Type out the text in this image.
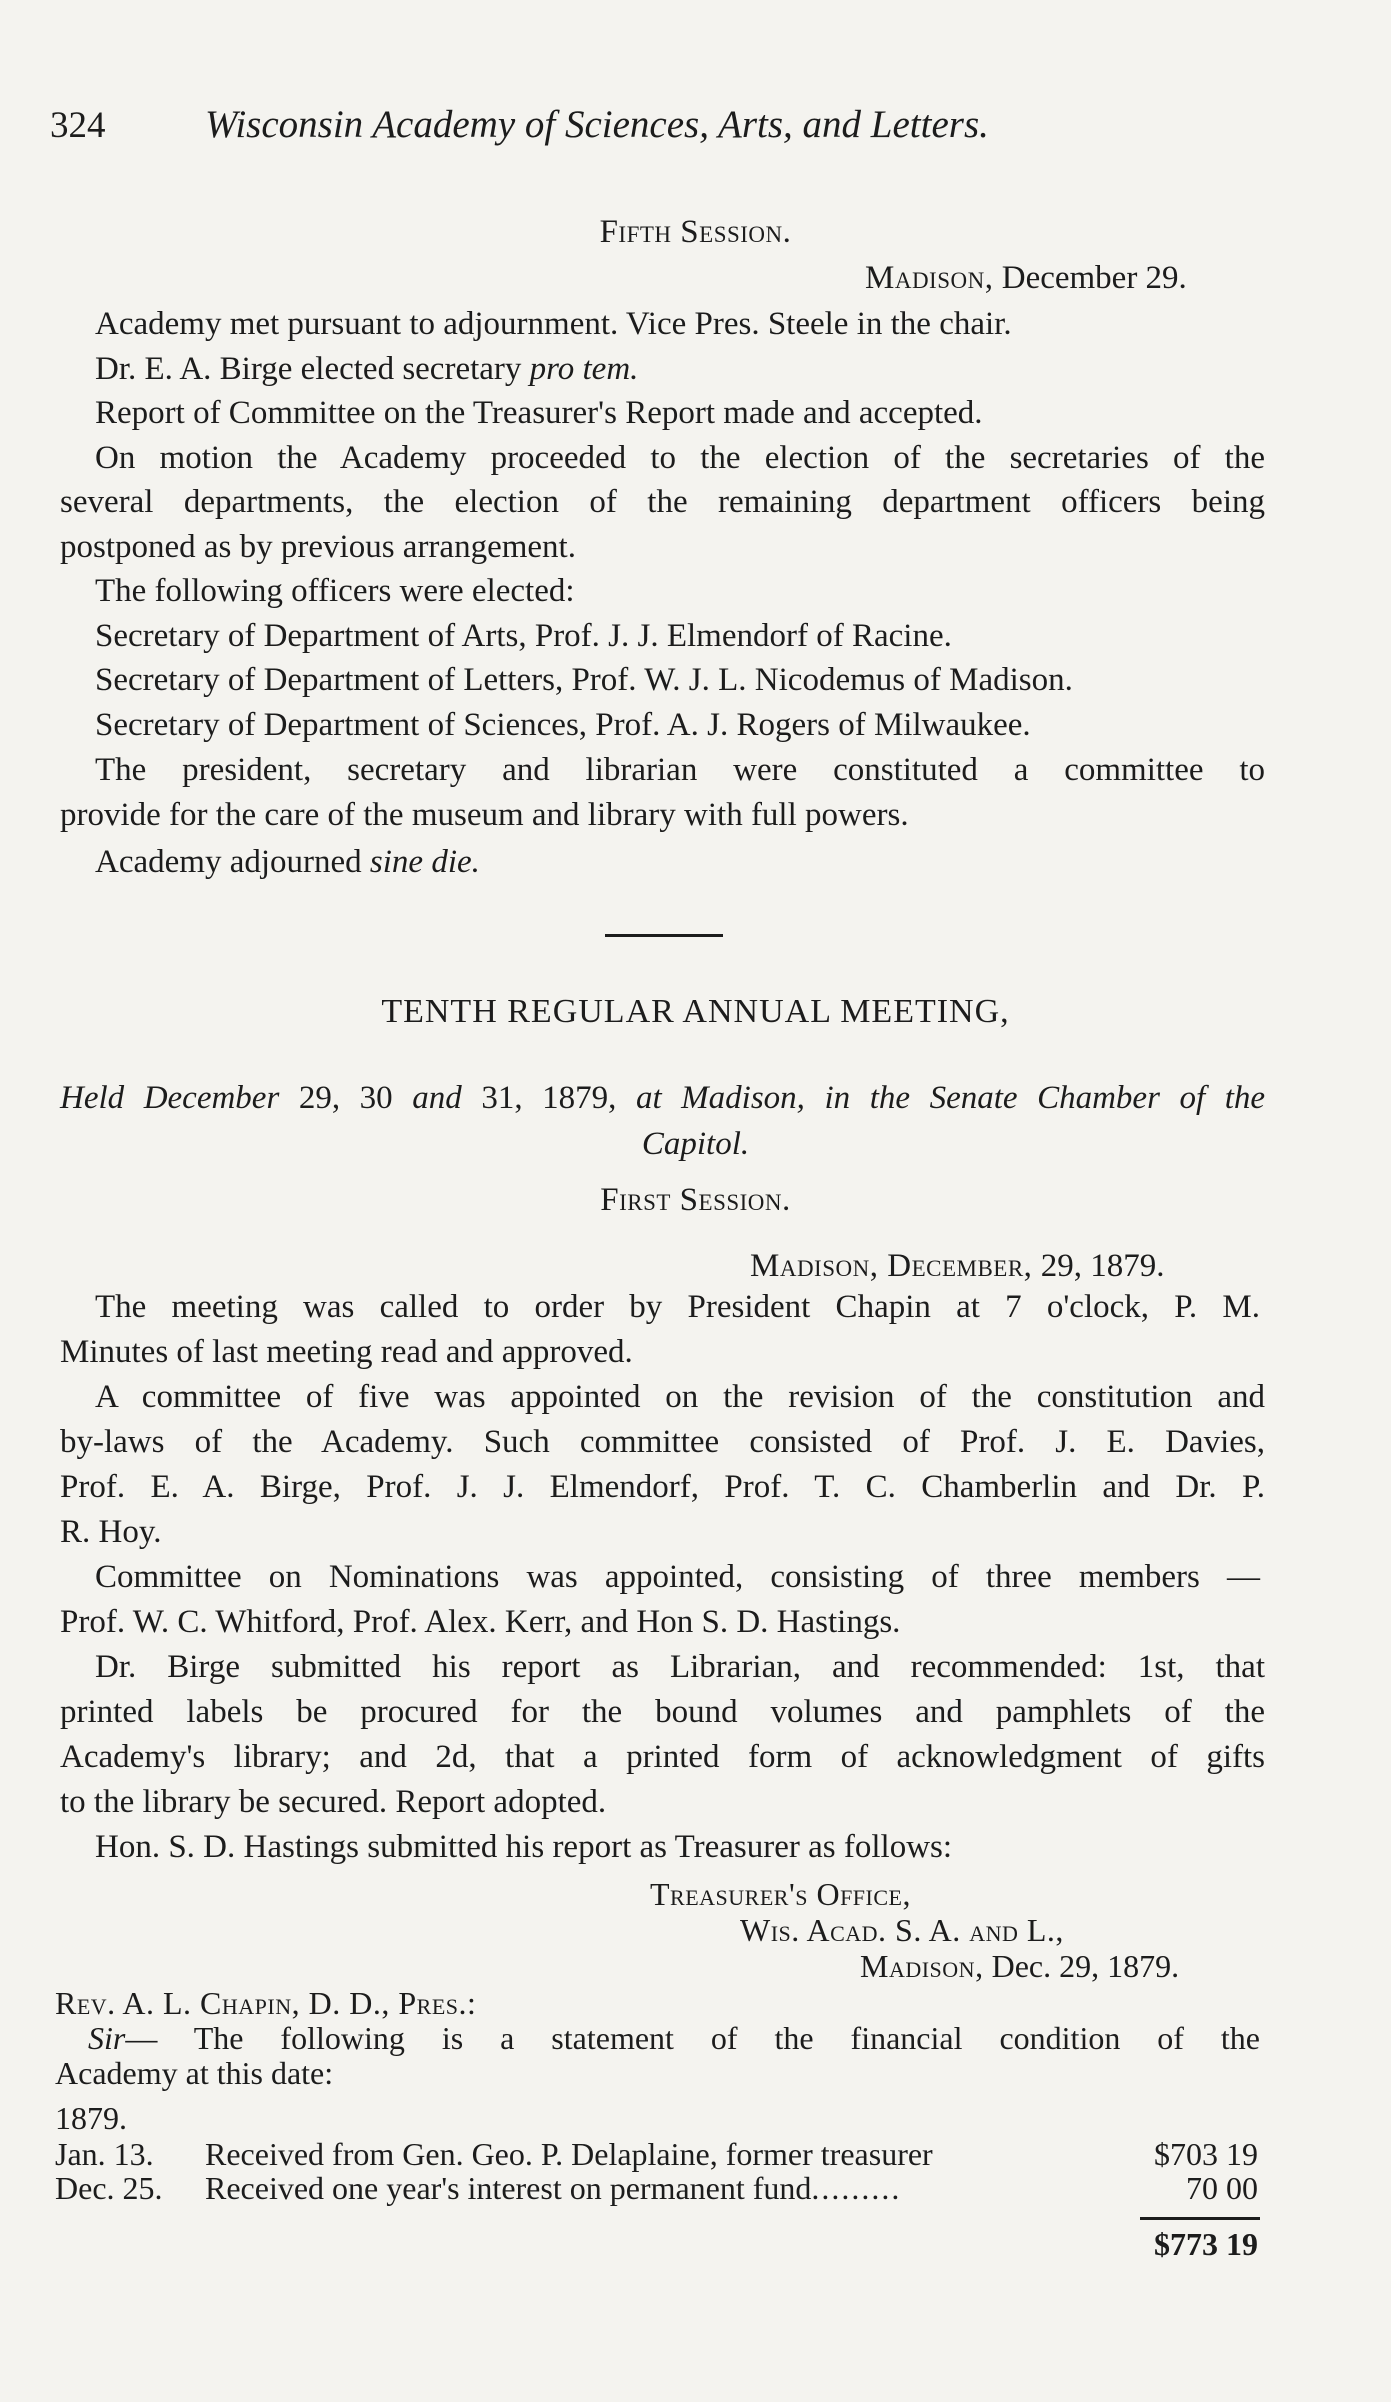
324	Wisconsin Academy of Sciences, Arts, and Letters.
Fifth Session.
Madison, December 29.
Academy met pursuant to adjournment. Vice Pres. Steele in the chair.
Dr. E. A. Birge elected secretary pro tem.
Report of Committee on the Treasurer's Report made and accepted.
On motion the Academy proceeded to the election of the secretaries of the
several departments, the election of the remaining department officers being
postponed as by previous arrangement.
The following officers were elected:
Secretary of Department of Arts, Prof. J. J. Elmendorf of Racine.
Secretary of Department of Letters, Prof. W. J. L. Nicodemus of Madison.
Secretary of Department of Sciences, Prof. A. J. Rogers of Milwaukee.
The president, secretary and librarian were constituted a committee to
provide for the care of the museum and library with full powers.
Academy adjourned sine die.
TENTH REGULAR ANNUAL MEETING,
Held December 29, 30 and 31, 1879, at Madison, in the Senate Chamber of the
Capitol.
First Session.
Madison, December, 29, 1879.
The meeting was called to order by President Chapin at 7 o'clock, P. M.
Minutes of last meeting read and approved.
A committee of five was appointed on the revision of the constitution and
by-laws of the Academy. Such committee consisted of Prof. J. E. Davies,
Prof. E. A. Birge, Prof. J. J. Elmendorf, Prof. T. C. Chamberlin and Dr. P.
R. Hoy.
Committee on Nominations was appointed, consisting of three members —
Prof. W. C. Whitford, Prof. Alex. Kerr, and Hon S. D. Hastings.
Dr. Birge submitted his report as Librarian, and recommended: 1st, that
printed labels be procured for the bound volumes and pamphlets of the
Academy's library; and 2d, that a printed form of acknowledgment of gifts
to the library be secured. Report adopted.
Hon. S. D. Hastings submitted his report as Treasurer as follows:
Treasurer's Office,
Wis. Acad. S. A. and L.,
Madison, Dec. 29, 1879.
Rev. A. L. Chapin, D. D., Pres.:
Sir— The following is a statement of the financial condition of the
Academy at this date:
1879.
Jan. 13. Received from Gen. Geo. P. Delaplaine, former treasurer	$703 19
Dec. 25. Received one year's interest on permanent fund.........	70 00
$773 19
